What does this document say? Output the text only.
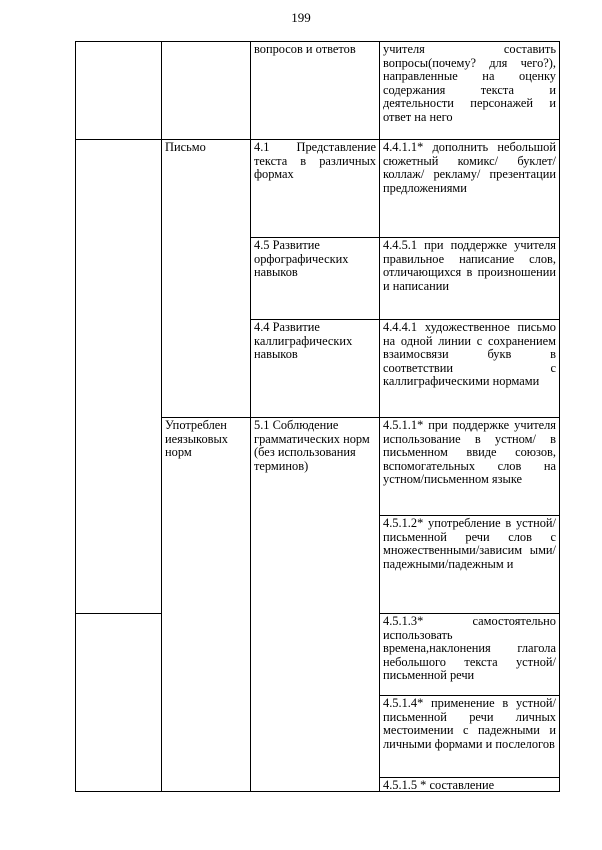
199
		вопросов и ответов	учителя составить вопросы(почему? для чего?), направленные на оценку содержания текста и деятельности персонажей и ответ на него
	Письмо	4.1 Представление текста в различных формах	4.4.1.1* дополнить небольшой сюжетный комикс/ буклет/ коллаж/ рекламу/ презентации предложениями
		4.5 Развитие орфографических навыков	4.4.5.1 при поддержке учителя правильное написание слов, отличающихся в произношении и написании
		4.4 Развитие каллиграфических навыков	4.4.4.1 художественное письмо на одной линии с сохранением взаимосвязи букв в соответствии с каллиграфическими нормами
	Употреблен иеязыковых норм	5.1 Соблюдение грамматических норм (без использования терминов)	4.5.1.1* при поддержке учителя использование в устном/ в письменном ввиде союзов, вспомогательных слов на устном/письменном языке
			4.5.1.2* употребление в устной/ письменной речи слов с множественными/зависим ыми/падежными/падежным и
			4.5.1.3* самостоятельно использовать времена,наклонения глагола небольшого текста устной/письменной речи
			4.5.1.4* применение в устной/письменной речи личных местоимении с падежными и личными формами и послелогов

			4.5.1.5 * составление
